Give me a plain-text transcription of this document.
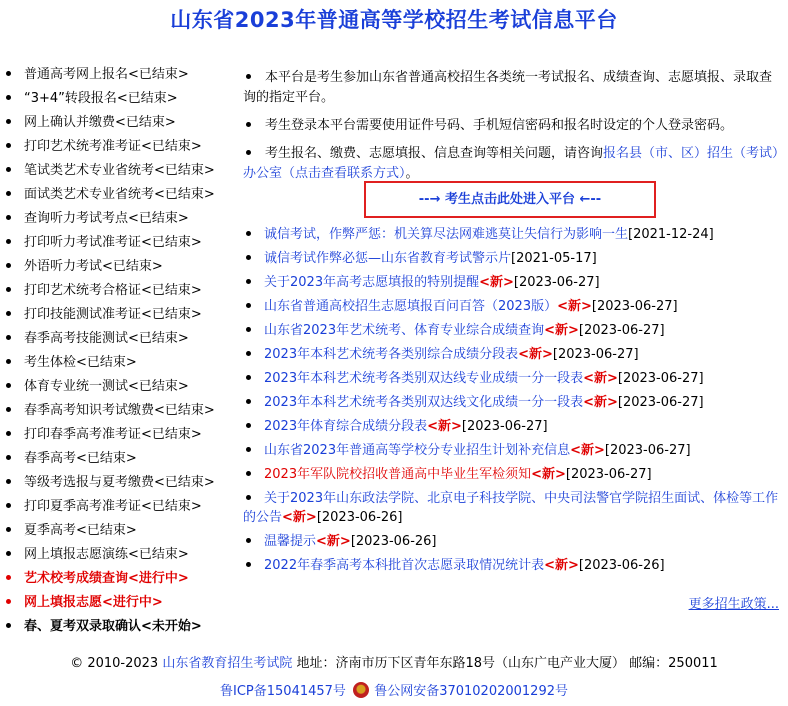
山东省2023年普通高等学校招生考试信息平台
普通高考网上报名<已结束>
“3+4”转段报名<已结束>
网上确认并缴费<已结束>
打印艺术统考准考证<已结束>
笔试类艺术专业省统考<已结束>
面试类艺术专业省统考<已结束>
查询听力考试考点<已结束>
打印听力考试准考证<已结束>
外语听力考试<已结束>
打印艺术统考合格证<已结束>
打印技能测试准考证<已结束>
春季高考技能测试<已结束>
考生体检<已结束>
体育专业统一测试<已结束>
春季高考知识考试缴费<已结束>
打印春季高考准考证<已结束>
春季高考<已结束>
等级考选报与夏考缴费<已结束>
打印夏季高考准考证<已结束>
夏季高考<已结束>
网上填报志愿演练<已结束>
艺术校考成绩查询<进行中>
网上填报志愿<进行中>
春、夏考双录取确认<未开始>
本平台是考生参加山东省普通高校招生各类统一考试报名、成绩查询、志愿填报、录取查询的指定平台。
考生登录本平台需要使用证件号码、手机短信密码和报名时设定的个人登录密码。
考生报名、缴费、志愿填报、信息查询等相关问题，请咨询报名县（市、区）招生（考试）办公室（点击查看联系方式）。
--→ 考生点击此处进入平台 ←--
诚信考试，作弊严惩：机关算尽法网难逃莫让失信行为影响一生[2021-12-24]
诚信考试作弊必惩—山东省教育考试警示片[2021-05-17]
关于2023年高考志愿填报的特别提醒<新>[2023-06-27]
山东省普通高校招生志愿填报百问百答（2023版）<新>[2023-06-27]
山东省2023年艺术统考、体育专业综合成绩查询<新>[2023-06-27]
2023年本科艺术统考各类别综合成绩分段表<新>[2023-06-27]
2023年本科艺术统考各类别双达线专业成绩一分一段表<新>[2023-06-27]
2023年本科艺术统考各类别双达线文化成绩一分一段表<新>[2023-06-27]
2023年体育综合成绩分段表<新>[2023-06-27]
山东省2023年普通高等学校分专业招生计划补充信息<新>[2023-06-27]
2023年军队院校招收普通高中毕业生军检须知<新>[2023-06-27]
关于2023年山东政法学院、北京电子科技学院、中央司法警官学院招生面试、体检等工作的公告<新>[2023-06-26]
温馨提示<新>[2023-06-26]
2022年春季高考本科批首次志愿录取情况统计表<新>[2023-06-26]
更多招生政策...
© 2010-2023 山东省教育招生考试院 地址：济南市历下区青年东路18号（山东广电产业大厦） 邮编：250011
鲁ICP备15041457号 鲁公网安备37010202001292号
